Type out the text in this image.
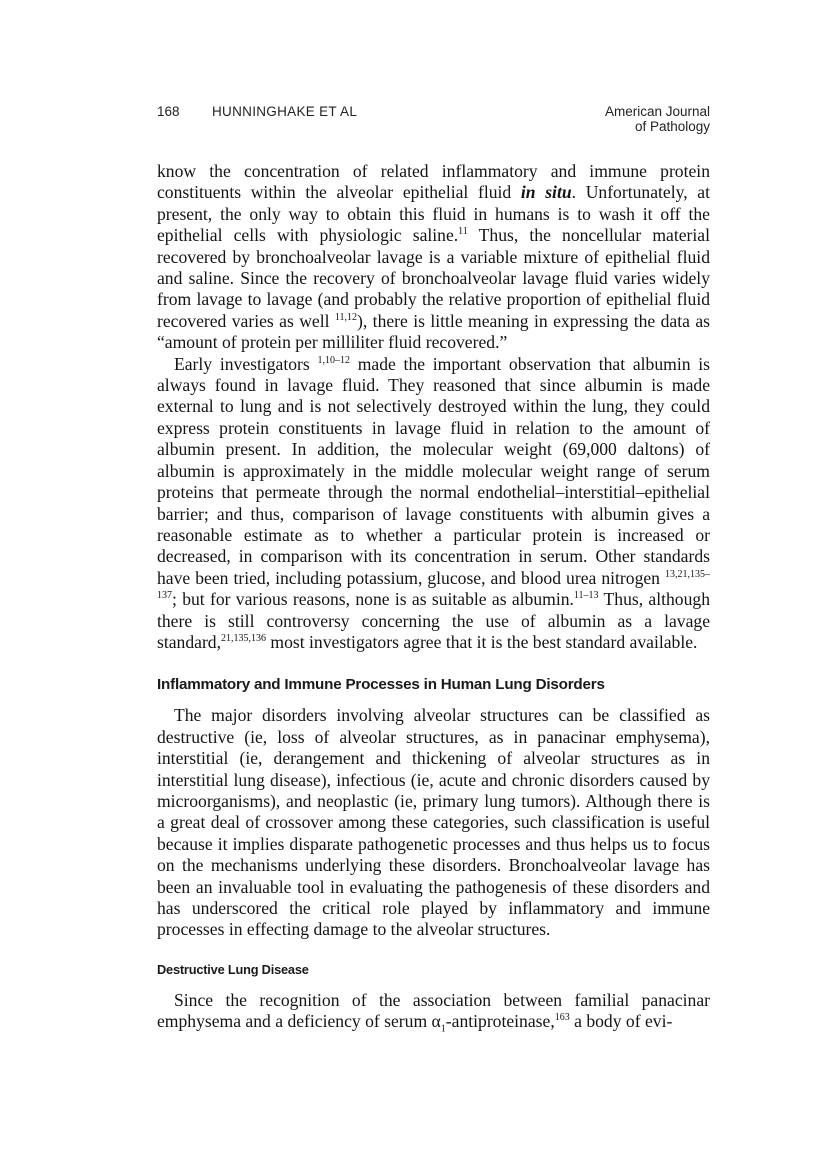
168 HUNNINGHAKE ET AL	American Journal
of Pathology

know the concentration of related inflammatory and immune protein constituents within the alveolar epithelial fluid in situ. Unfortunately, at present, the only way to obtain this fluid in humans is to wash it off the epithelial cells with physiologic saline.$^{11}$ Thus, the noncellular material recovered by bronchoalveolar lavage is a variable mixture of epithelial fluid and saline. Since the recovery of bronchoalveolar lavage fluid varies widely from lavage to lavage (and probably the relative proportion of epithelial fluid recovered varies as well $^{11,12}$), there is little meaning in expressing the data as “amount of protein per milliliter fluid recovered.”

Early investigators $^{1,10-12}$ made the important observation that albumin is always found in lavage fluid. They reasoned that since albumin is made external to lung and is not selectively destroyed within the lung, they could express protein constituents in lavage fluid in relation to the amount of albumin present. In addition, the molecular weight (69,000 daltons) of albumin is approximately in the middle molecular weight range of serum proteins that permeate through the normal endothelial–interstitial–epithelial barrier; and thus, comparison of lavage constituents with albumin gives a reasonable estimate as to whether a particular protein is increased or decreased, in comparison with its concentration in serum. Other standards have been tried, including potassium, glucose, and blood urea nitrogen $^{13,21,135-137}$; but for various reasons, none is as suitable as albumin.$^{11-13}$ Thus, although there is still controversy concerning the use of albumin as a lavage standard,$^{21,135,136}$ most investigators agree that it is the best standard available.

Inflammatory and Immune Processes in Human Lung Disorders

The major disorders involving alveolar structures can be classified as destructive (ie, loss of alveolar structures, as in panacinar emphysema), interstitial (ie, derangement and thickening of alveolar structures as in interstitial lung disease), infectious (ie, acute and chronic disorders caused by microorganisms), and neoplastic (ie, primary lung tumors). Although there is a great deal of crossover among these categories, such classification is useful because it implies disparate pathogenetic processes and thus helps us to focus on the mechanisms underlying these disorders. Bronchoalveolar lavage has been an invaluable tool in evaluating the pathogenesis of these disorders and has underscored the critical role played by inflammatory and immune processes in effecting damage to the alveolar structures.

Destructive Lung Disease

Since the recognition of the association between familial panacinar emphysema and a deficiency of serum $\alpha_1-antiproteinase,^{163}$ a body of evi-
